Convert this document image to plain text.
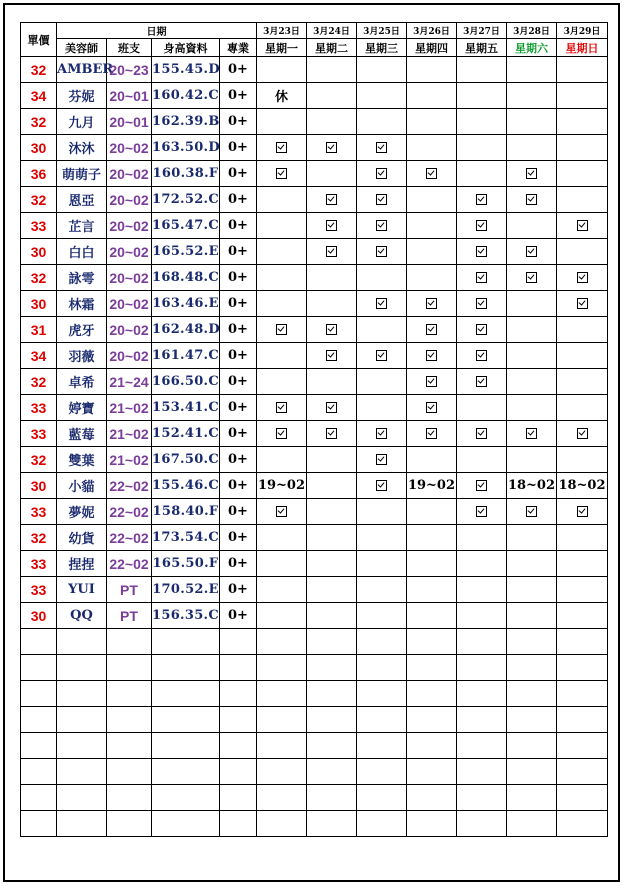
單價	日期				3月23日	3月24日	3月25日	3月26日	3月27日	3月28日	3月29日
	美容師	班支	身高資料	專業	星期一	星期二	星期三	星期四	星期五	星期六	星期日
32	AMBER	20~23	155.45.D	0+							
34	芬妮	20~01	160.42.C	0+	休						
32	九月	20~01	162.39.B	0+							
30	沐沐	20~02	163.50.D	0+							
36	萌萌子	20~02	160.38.F	0+							
32	恩亞	20~02	172.52.C	0+							
33	芷言	20~02	165.47.C	0+							
30	白白	20~02	165.52.E	0+							
32	詠雩	20~02	168.48.C	0+							
30	林霜	20~02	163.46.E	0+							
31	虎牙	20~02	162.48.D	0+							
34	羽薇	20~02	161.47.C	0+							
32	卓希	21~24	166.50.C	0+							
33	婷寶	21~02	153.41.C	0+							
33	藍莓	21~02	152.41.C	0+							
32	雙葉	21~02	167.50.C	0+							
30	小貓	22~02	155.46.C	0+	19~02			19~02		18~02	18~02
33	夢妮	22~02	158.40.F	0+							
32	幼貨	22~02	173.54.C	0+							
33	捏捏	22~02	165.50.F	0+							
33	YUI	PT	170.52.E	0+							
30	QQ	PT	156.35.C	0+							
